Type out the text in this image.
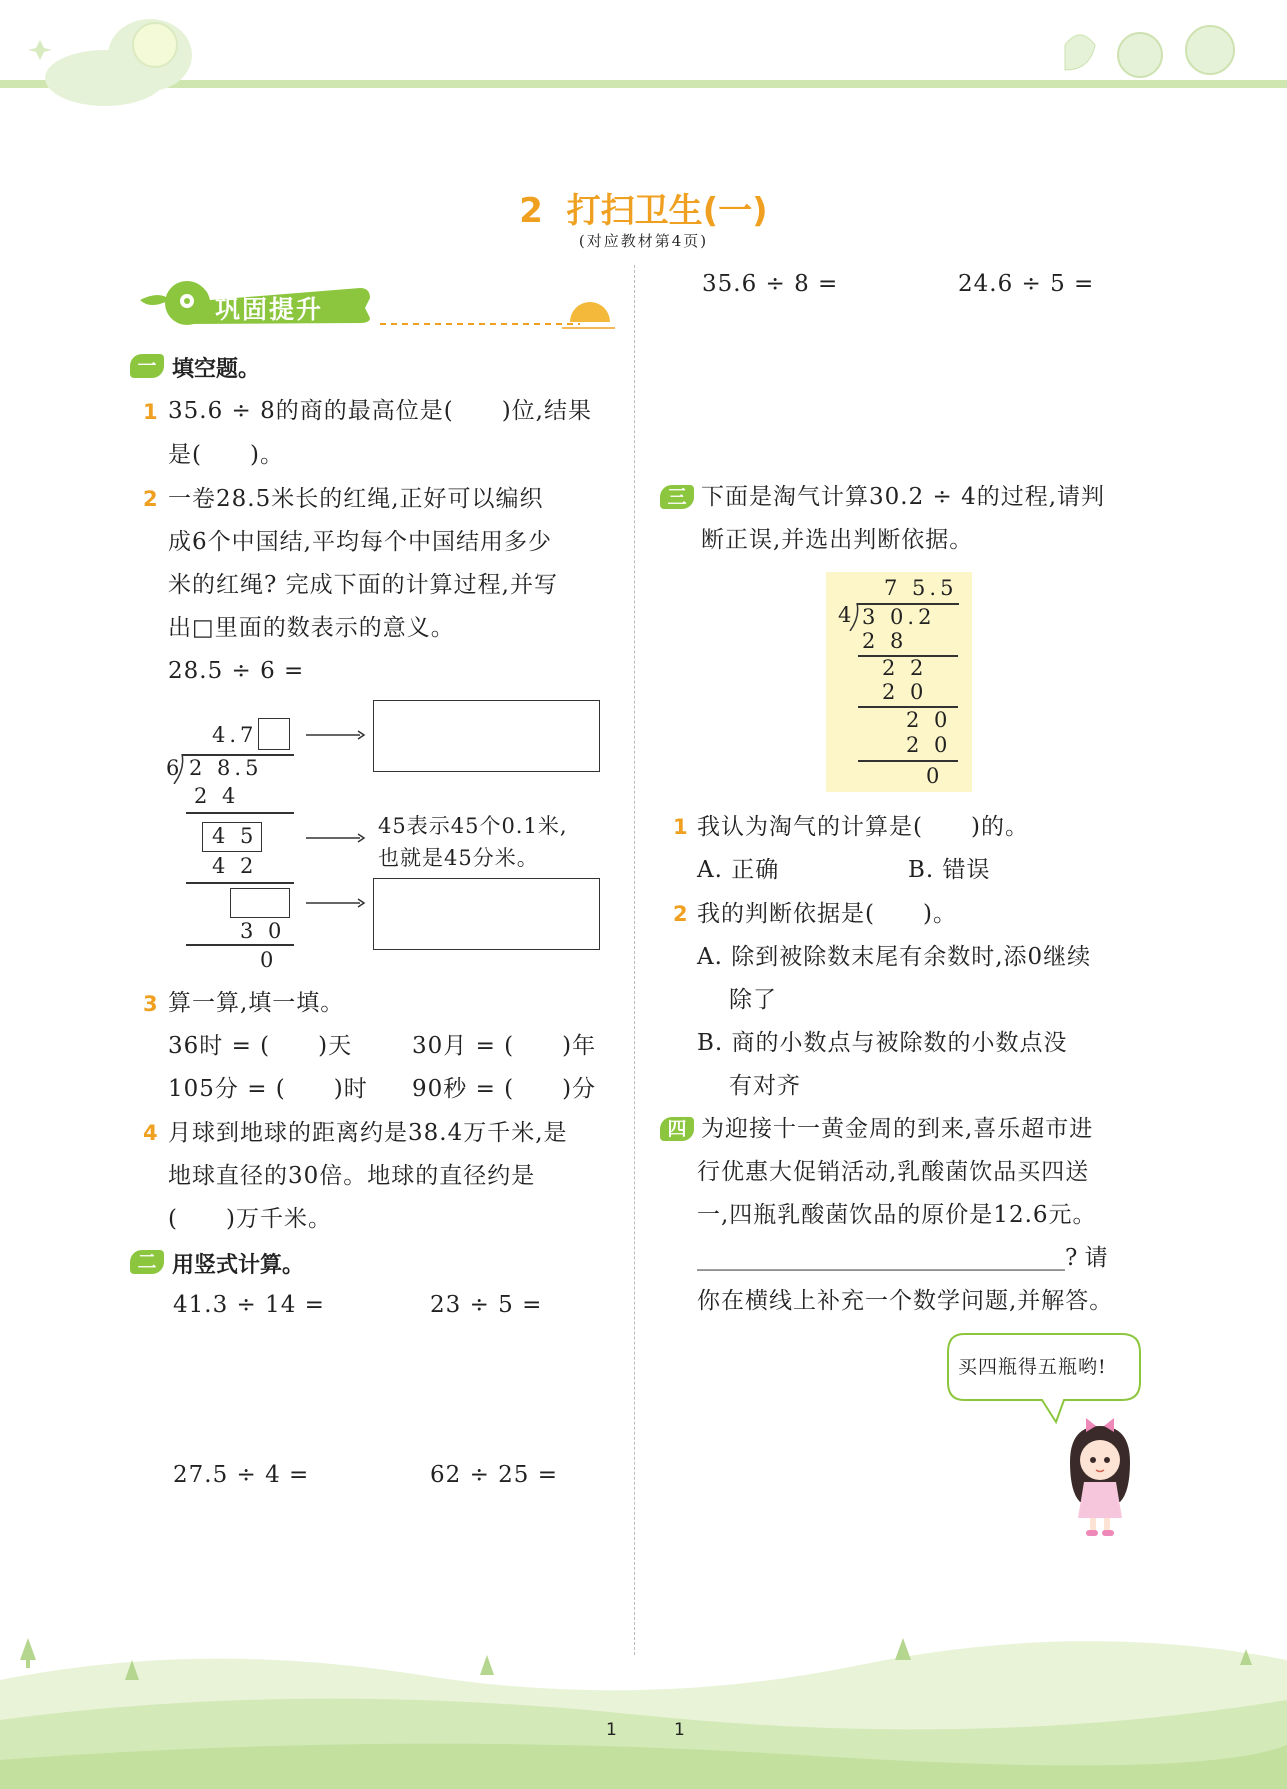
2  打扫卫生(一)
(对应教材第4页)
巩固提升
一 填空题。
1 35.6 ÷ 8的商的最高位是(　　)位,结果
是(　　)。
2 一卷28.5米长的红绳,正好可以编织
成6个中国结,平均每个中国结用多少
米的红绳? 完成下面的计算过程,并写
出□里面的数表示的意义。
28.5 ÷ 6 =
4.7
6 2 8.5
2 4
4 5
4 2
3 0
0
45表示45个0.1米,
也就是45分米。
3 算一算,填一填。
36时 = (　　)天	30月 = (　　)年
105分 = (　　)时 90秒 = (　　)分
4 月球到地球的距离约是38.4万千米,是
地球直径的30倍。地球的直径约是
(　　)万千米。
二 用竖式计算。
41.3 ÷ 14 =	23 ÷ 5 =
27.5 ÷ 4 =	62 ÷ 25 =
35.6 ÷ 8 =	24.6 ÷ 5 =
三 下面是淘气计算30.2 ÷ 4的过程,请判
断正误,并选出判断依据。
7 5.5
4 3 0.2
2 8
2 2
2 0
2 0
2 0
0
1 我认为淘气的计算是(　　)的。
A. 正确	B. 错误
2 我的判断依据是(　　)。
A. 除到被除数末尾有余数时,添0继续
除了
B. 商的小数点与被除数的小数点没
有对齐
四 为迎接十一黄金周的到来,喜乐超市进
行优惠大促销活动,乳酸菌饮品买四送
一,四瓶乳酸菌饮品的原价是12.6元。
________________________________? 请
你在横线上补充一个数学问题,并解答。
买四瓶得五瓶哟!
1	1
